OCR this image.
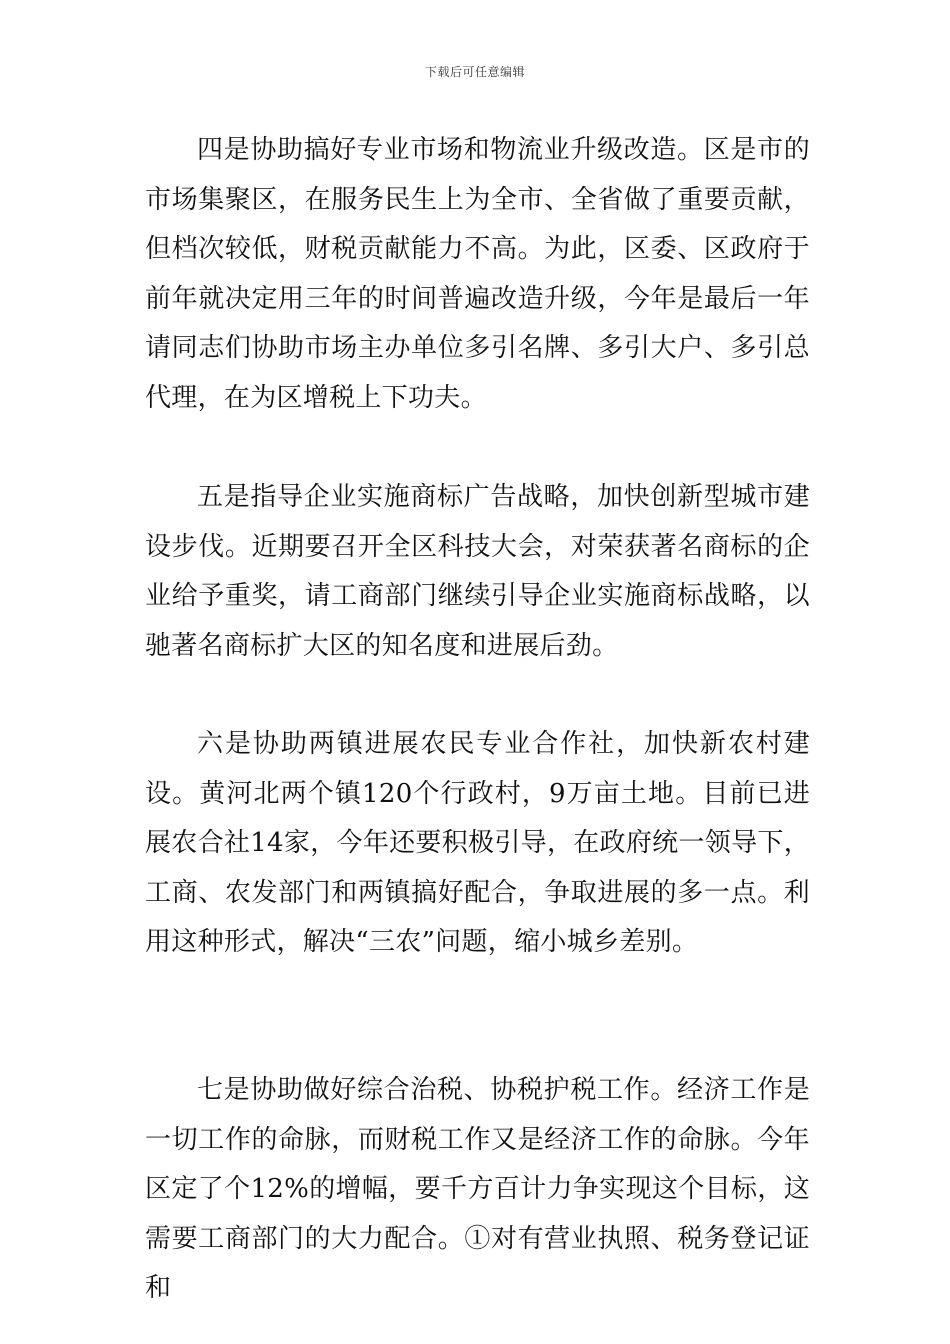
下载后可任意编辑

四是协助搞好专业市场和物流业升级改造。区是市的市场集聚区，在服务民生上为全市、全省做了重要贡献，但档次较低，财税贡献能力不高。为此，区委、区政府于前年就决定用三年的时间普遍改造升级，今年是最后一年请同志们协助市场主办单位多引名牌、多引大户、多引总代理，在为区增税上下功夫。

五是指导企业实施商标广告战略，加快创新型城市建设步伐。近期要召开全区科技大会，对荣获著名商标的企业给予重奖，请工商部门继续引导企业实施商标战略，以驰著名商标扩大区的知名度和进展后劲。

六是协助两镇进展农民专业合作社，加快新农村建设。黄河北两个镇120个行政村，9万亩土地。目前已进展农合社14家，今年还要积极引导，在政府统一领导下，工商、农发部门和两镇搞好配合，争取进展的多一点。利用这种形式，解决“三农”问题，缩小城乡差别。

七是协助做好综合治税、协税护税工作。经济工作是一切工作的命脉，而财税工作又是经济工作的命脉。今年区定了个12%的增幅，要千方百计力争实现这个目标，这需要工商部门的大力配合。①对有营业执照、税务登记证和
